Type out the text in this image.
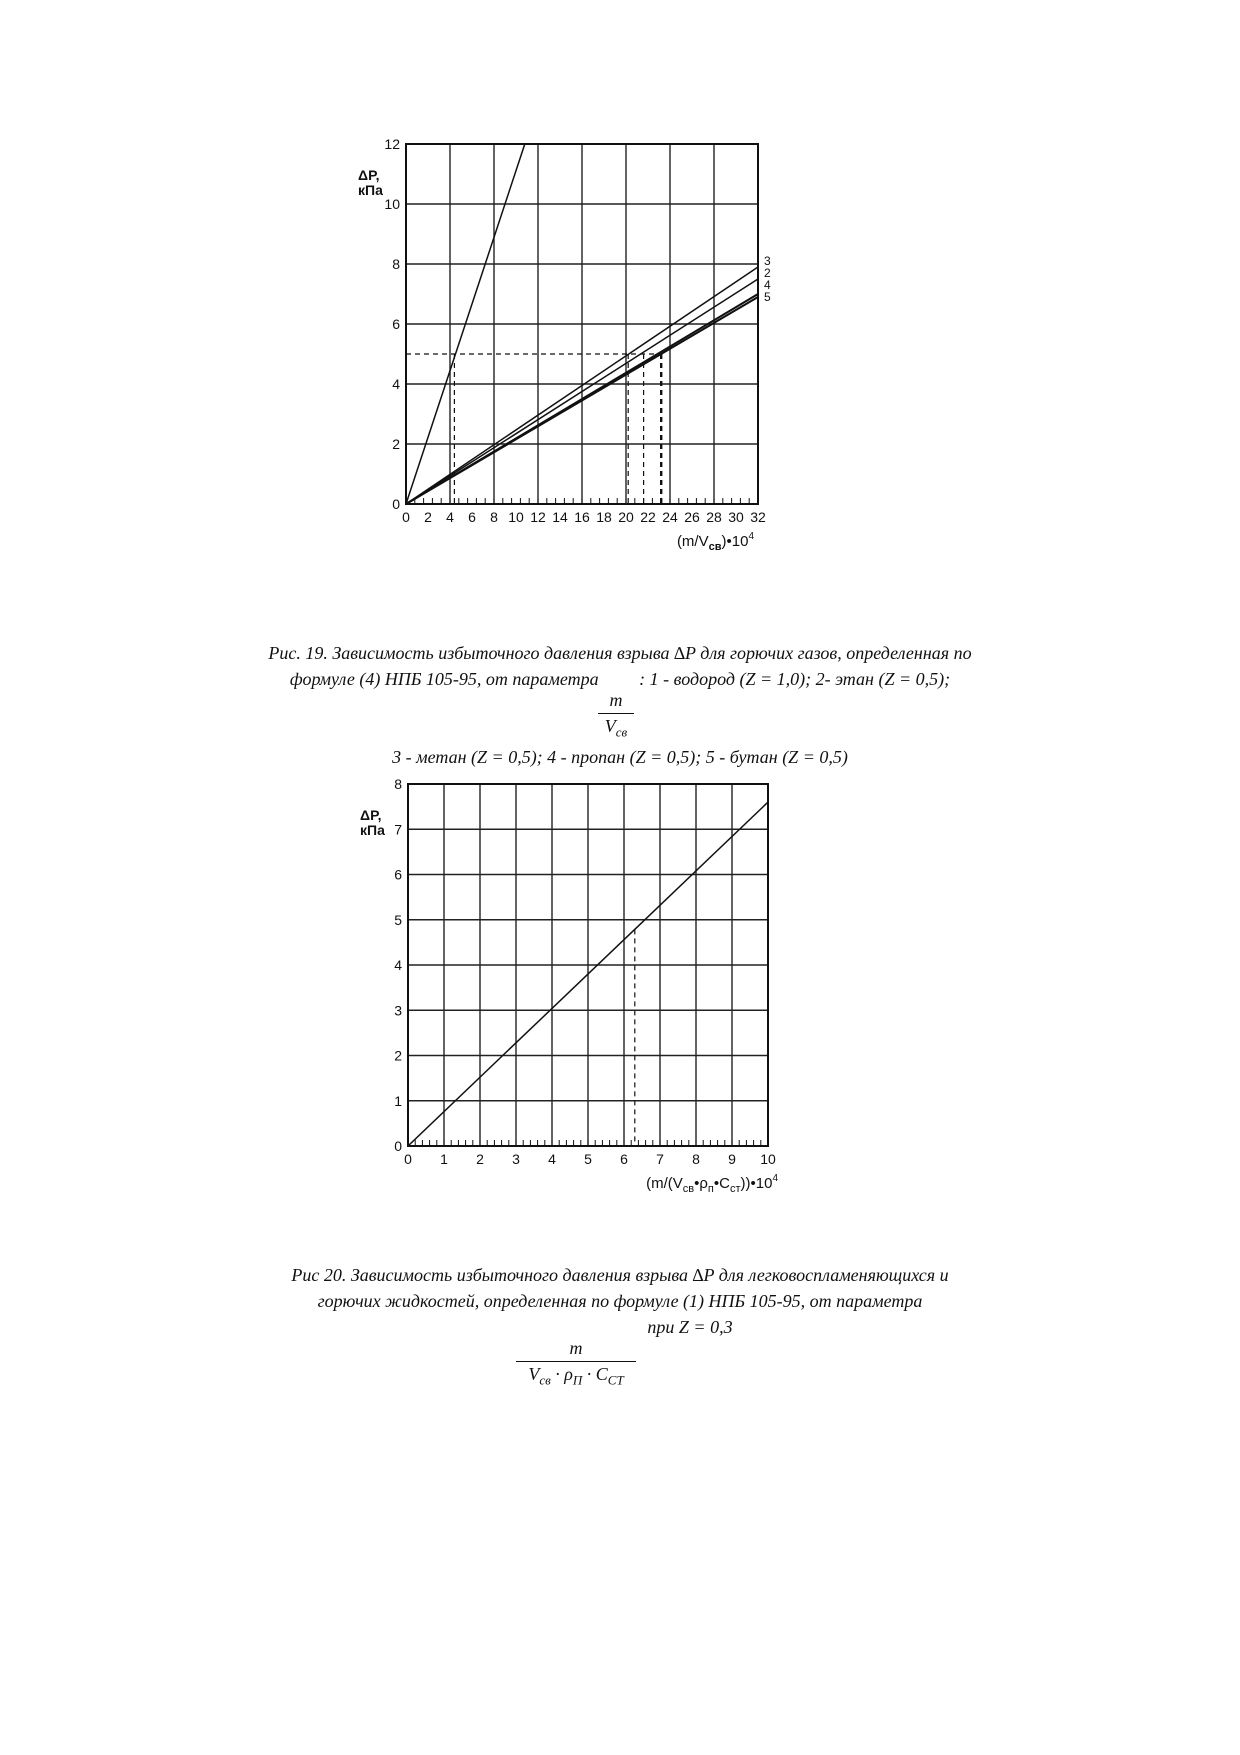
0 2 4 6 8 10 12 14 16 18 20 22 24 26 28 30 32
0
2
4
6
8
10
12
ΔP,
кПа
3
2
4
5
$(m/V_{св})•10^4$
Рис. 19. Зависимость избыточного давления взрыва ∆P для горючих газов, определенная по
формуле (4) НПБ 105-95, от параметра         : 1 - водород (Z = 1,0); 2- этан (Z = 0,5);
m
$V_{св}$
3 - метан (Z = 0,5); 4 - пропан (Z = 0,5); 5 - бутан (Z = 0,5)
0 1 2 3 4 5 6 7 8 9 10
0
1
2
3
4
5
6
7
8
ΔP,
кПа
$(m/(V_{св}•\rho_п•C_{ст}))•10^4$
Рис 20. Зависимость избыточного давления взрыва ∆P для легковоспламеняющихся и
горючих жидкостей, определенная по формуле (1) НПБ 105-95, от параметра
при Z = 0,3
m
$V_{св} \cdot \rho_П \cdot C_{CT}$
